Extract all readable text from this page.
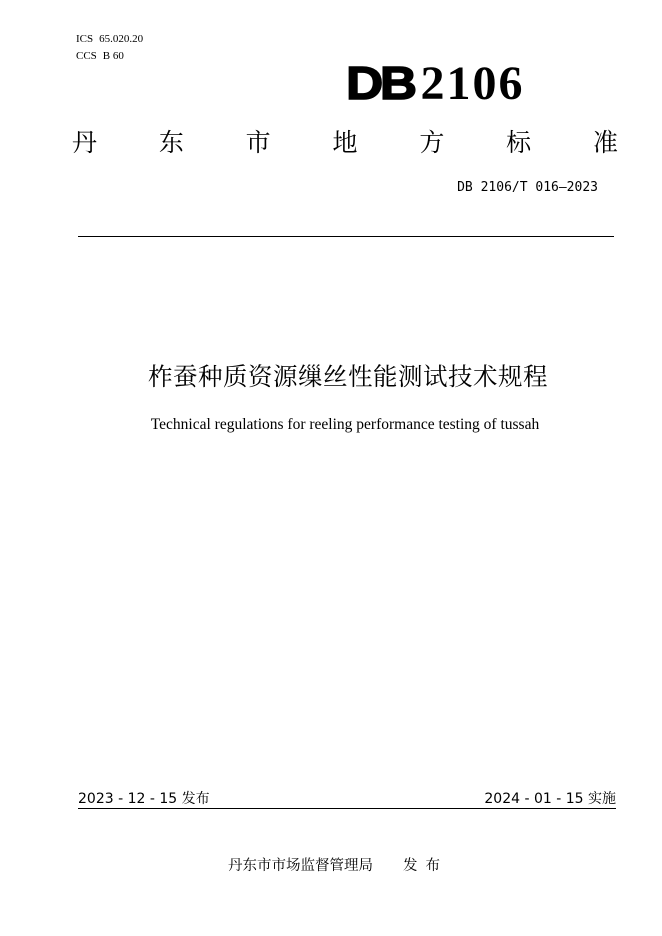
ICS 65.020.20
CCS B 60
DB 2106
丹 东 市 地 方 标 准
DB 2106/T 016—2023
柞蚕种质资源缫丝性能测试技术规程
Technical regulations for reeling performance testing of tussah
2023 - 12 - 15 发布	2024 - 01 - 15 实施
丹东市市场监督管理局 发布
